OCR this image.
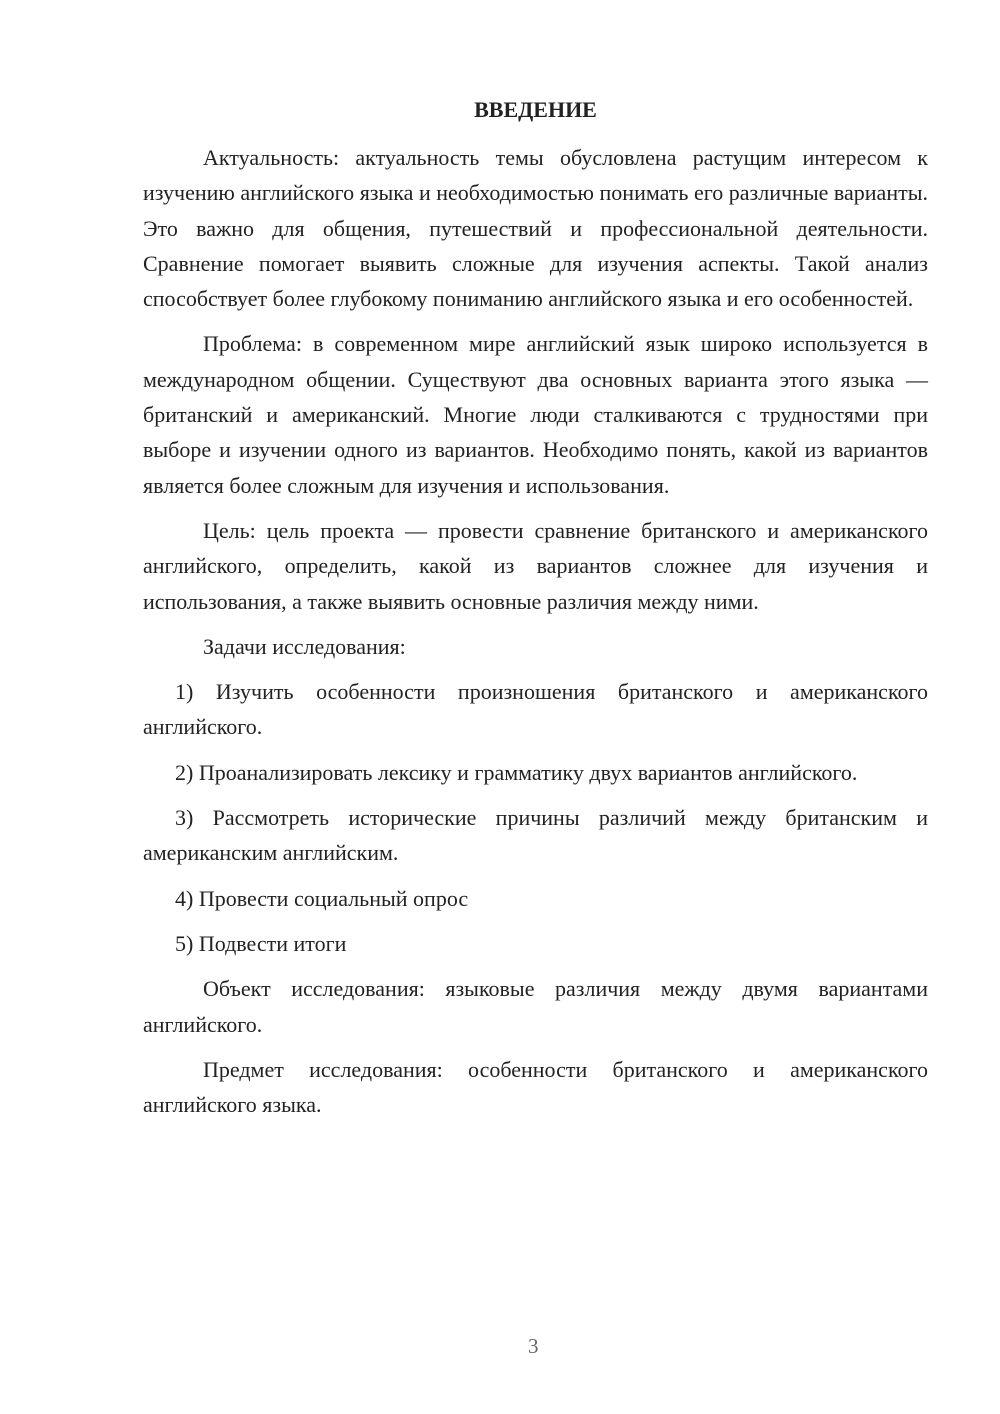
ВВЕДЕНИЕ

Актуальность: актуальность темы обусловлена растущим интересом к изучению английского языка и необходимостью понимать его различные варианты. Это важно для общения, путешествий и профессиональной деятельности. Сравнение помогает выявить сложные для изучения аспекты. Такой анализ способствует более глубокому пониманию английского языка и его особенностей.

Проблема: в современном мире английский язык широко используется в международном общении. Существуют два основных варианта этого языка — британский и американский. Многие люди сталкиваются с трудностями при выборе и изучении одного из вариантов. Необходимо понять, какой из вариантов является более сложным для изучения и использования.

Цель: цель проекта — провести сравнение британского и американского английского, определить, какой из вариантов сложнее для изучения и использования, а также выявить основные различия между ними.

Задачи исследования:

1) Изучить особенности произношения британского и американского английского.

2) Проанализировать лексику и грамматику двух вариантов английского.

3) Рассмотреть исторические причины различий между британским и американским английским.

4) Провести социальный опрос

5) Подвести итоги

Объект исследования: языковые различия между двумя вариантами английского.

Предмет исследования: особенности британского и американского английского языка.

3
